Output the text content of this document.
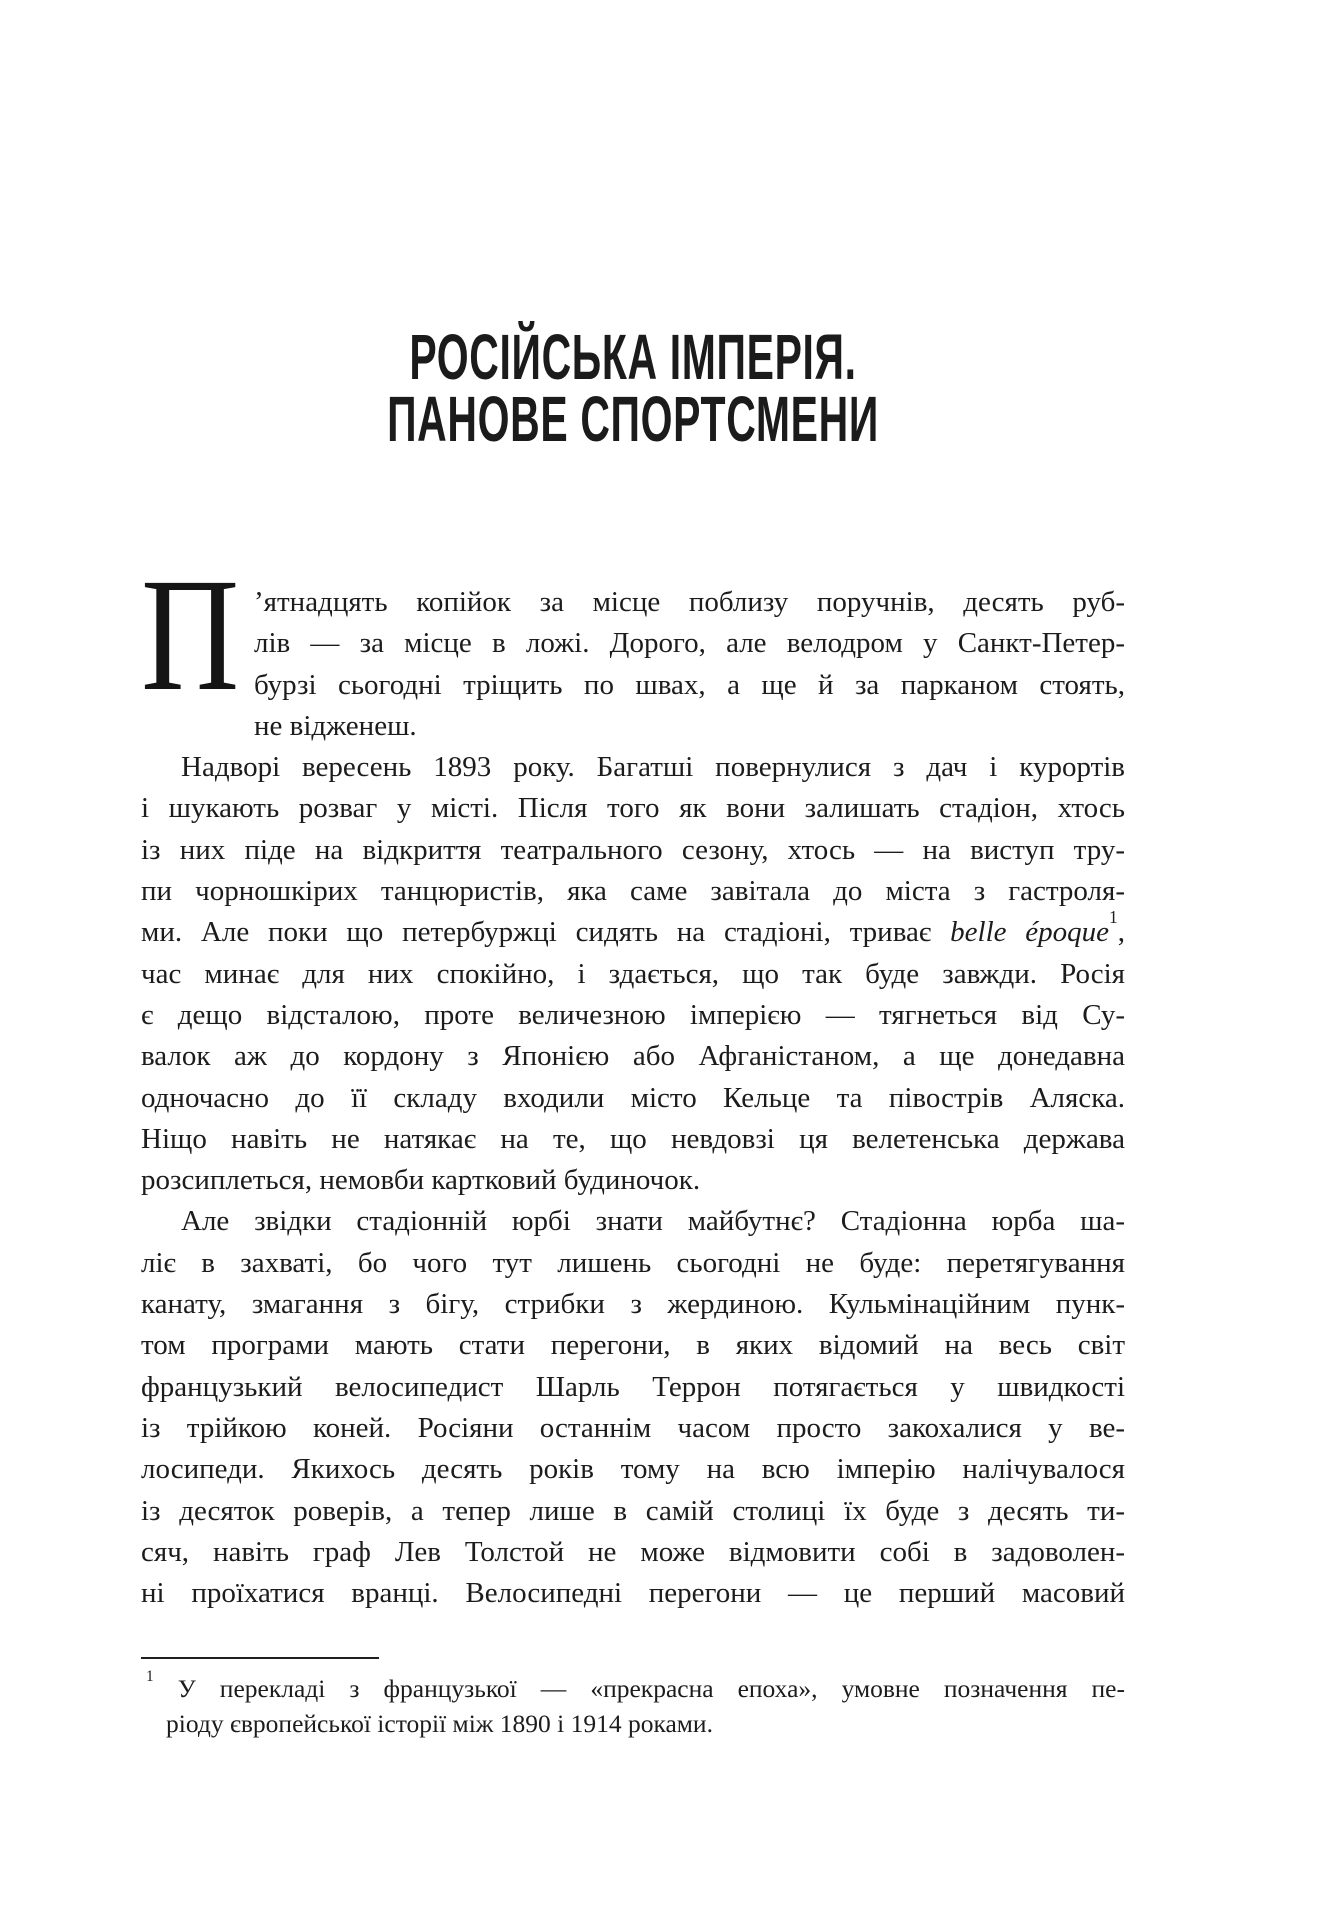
РОСІЙСЬКА ІМПЕРІЯ.
ПАНОВЕ СПОРТСМЕНИ
П ’ятнадцять копійок за місце поблизу поручнів, десять руб-
лів — за місце в ложі. Дорого, але велодром у Санкт-Петер-
бурзі сьогодні тріщить по швах, а ще й за парканом стоять,
не відженеш.
Надворі вересень 1893 року. Багатші повернулися з дач і курортів
і шукають розваг у місті. Після того як вони залишать стадіон, хтось
із них піде на відкриття театрального сезону, хтось — на виступ тру-
пи чорношкірих танцюристів, яка саме завітала до міста з гастроля-
ми. Але поки що петербуржці сидять на стадіоні, триває belle époque$^1$,
час минає для них спокійно, і здається, що так буде завжди. Росія
є дещо відсталою, проте величезною імперією — тягнеться від Су-
валок аж до кордону з Японією або Афганістаном, а ще донедавна
одночасно до її складу входили місто Кельце та півострів Аляска.
Ніщо навіть не натякає на те, що невдовзі ця велетенська держава
розсиплеться, немовби картковий будиночок.
Але звідки стадіонній юрбі знати майбутнє? Стадіонна юрба ша-
ліє в захваті, бо чого тут лишень сьогодні не буде: перетягування
канату, змагання з бігу, стрибки з жердиною. Кульмінаційним пунк-
том програми мають стати перегони, в яких відомий на весь світ
французький велосипедист Шарль Террон потягається у швидкості
із трійкою коней. Росіяни останнім часом просто закохалися у ве-
лосипеди. Якихось десять років тому на всю імперію налічувалося
із десяток роверів, а тепер лише в самій столиці їх буде з десять ти-
сяч, навіть граф Лев Толстой не може відмовити собі в задоволен-
ні проїхатися вранці. Велосипедні перегони — це перший масовий
$^1$ У перекладі з французької — «прекрасна епоха», умовне позначення пе-
ріоду європейської історії між 1890 і 1914 роками.
